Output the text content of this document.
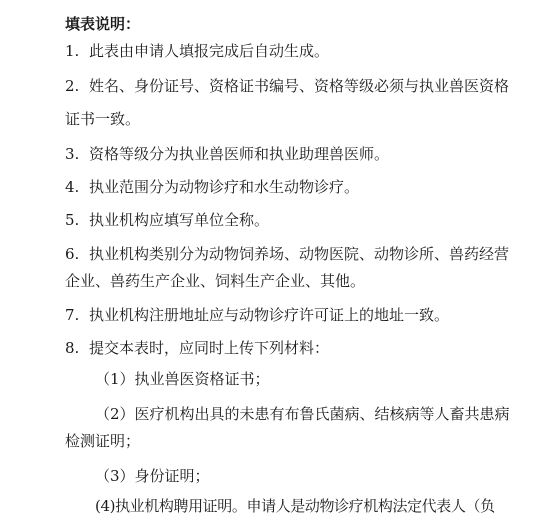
填表说明：
1. 此表由申请人填报完成后自动生成。
2. 姓名、身份证号、资格证书编号、资格等级必须与执业兽医资格
证书一致。
3. 资格等级分为执业兽医师和执业助理兽医师。
4. 执业范围分为动物诊疗和水生动物诊疗。
5. 执业机构应填写单位全称。
6. 执业机构类别分为动物饲养场、动物医院、动物诊所、兽药经营
企业、兽药生产企业、饲料生产企业、其他。
7. 执业机构注册地址应与动物诊疗许可证上的地址一致。
8. 提交本表时，应同时上传下列材料：
（1）执业兽医资格证书；
（2）医疗机构出具的未患有布鲁氏菌病、结核病等人畜共患病
检测证明；
（3）身份证明；
(4)执业机构聘用证明。申请人是动物诊疗机构法定代表人（负
